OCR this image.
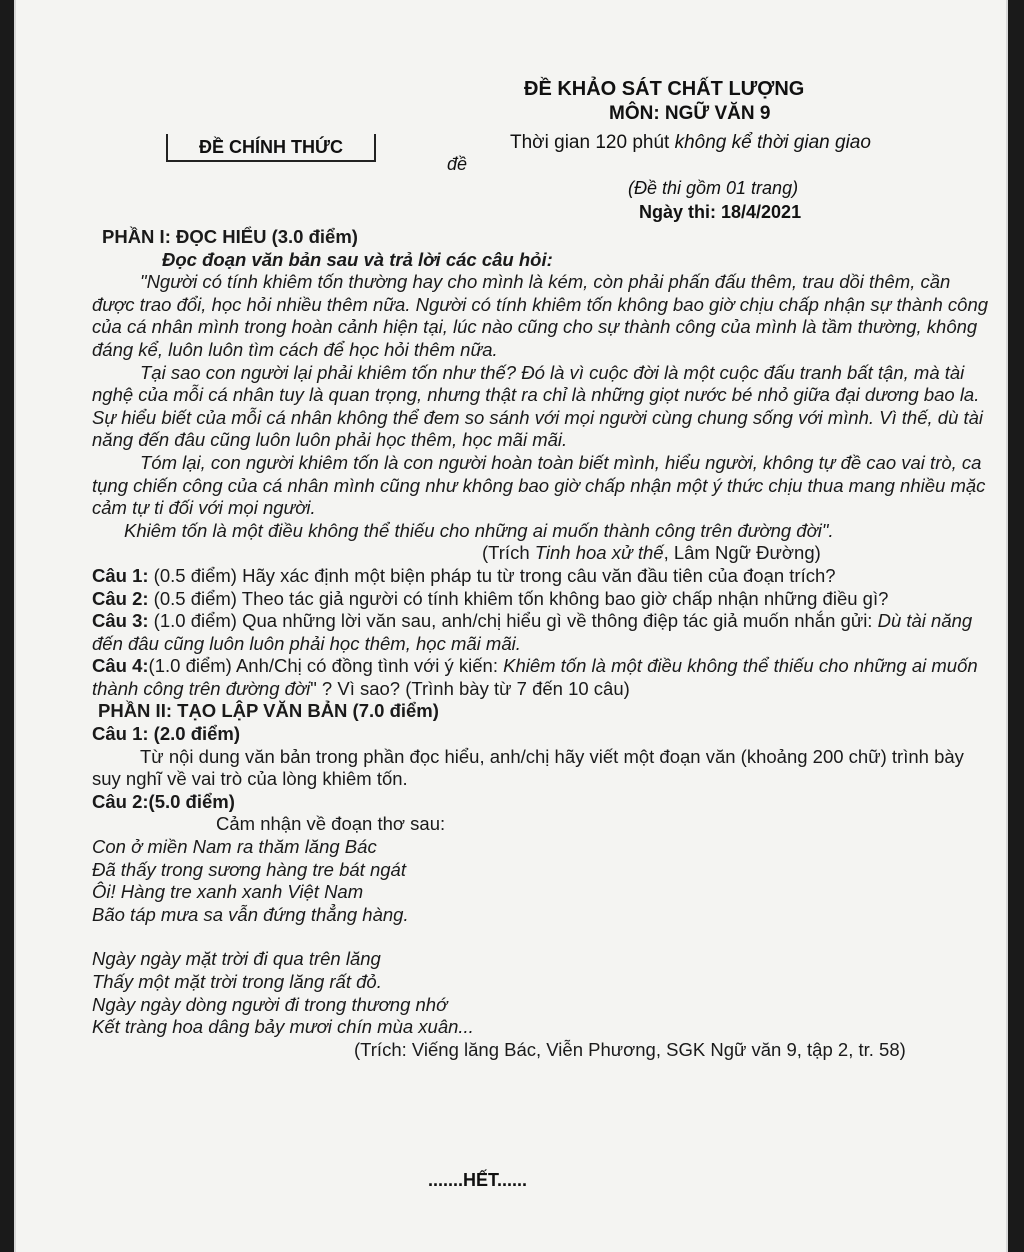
ĐỀ KHẢO SÁT CHẤT LƯỢNG
MÔN: NGỮ VĂN 9
ĐỀ CHÍNH THỨC	Thời gian 120 phút không kể thời gian giao
đề
(Đề thi gồm 01 trang)
Ngày thi: 18/4/2021

PHẦN I: ĐỌC HIỂU (3.0 điểm)

Đọc đoạn văn bản sau và trả lời các câu hỏi:

"Người có tính khiêm tốn thường hay cho mình là kém, còn phải phấn đấu thêm, trau dồi thêm, cần được trao đổi, học hỏi nhiều thêm nữa. Người có tính khiêm tốn không bao giờ chịu chấp nhận sự thành công của cá nhân mình trong hoàn cảnh hiện tại, lúc nào cũng cho sự thành công của mình là tầm thường, không đáng kể, luôn luôn tìm cách để học hỏi thêm nữa.

Tại sao con người lại phải khiêm tốn như thế? Đó là vì cuộc đời là một cuộc đấu tranh bất tận, mà tài nghệ của mỗi cá nhân tuy là quan trọng, nhưng thật ra chỉ là những giọt nước bé nhỏ giữa đại dương bao la. Sự hiểu biết của mỗi cá nhân không thể đem so sánh với mọi người cùng chung sống với mình. Vì thế, dù tài năng đến đâu cũng luôn luôn phải học thêm, học mãi mãi.

Tóm lại, con người khiêm tốn là con người hoàn toàn biết mình, hiểu người, không tự đề cao vai trò, ca tụng chiến công của cá nhân mình cũng như không bao giờ chấp nhận một ý thức chịu thua mang nhiều mặc cảm tự ti đối với mọi người.

Khiêm tốn là một điều không thể thiếu cho những ai muốn thành công trên đường đời".

(Trích Tinh hoa xử thế, Lâm Ngữ Đường)

Câu 1: (0.5 điểm) Hãy xác định một biện pháp tu từ trong câu văn đầu tiên của đoạn trích?

Câu 2: (0.5 điểm) Theo tác giả người có tính khiêm tốn không bao giờ chấp nhận những điều gì?

Câu 3: (1.0 điểm) Qua những lời văn sau, anh/chị hiểu gì về thông điệp tác giả muốn nhắn gửi: Dù tài năng đến đâu cũng luôn luôn phải học thêm, học mãi mãi.

Câu 4:(1.0 điểm) Anh/Chị có đồng tình với ý kiến: Khiêm tốn là một điều không thể thiếu cho những ai muốn thành công trên đường đời" ? Vì sao? (Trình bày từ 7 đến 10 câu)

PHẦN II: TẠO LẬP VĂN BẢN (7.0 điểm)

Câu 1: (2.0 điểm)

Từ nội dung văn bản trong phần đọc hiểu, anh/chị hãy viết một đoạn văn (khoảng 200 chữ) trình bày suy nghĩ về vai trò của lòng khiêm tốn.

Câu 2:(5.0 điểm)

Cảm nhận về đoạn thơ sau:

Con ở miền Nam ra thăm lăng Bác

Đã thấy trong sương hàng tre bát ngát

Ôi! Hàng tre xanh xanh Việt Nam

Bão táp mưa sa vẫn đứng thẳng hàng.

Ngày ngày mặt trời đi qua trên lăng

Thấy một mặt trời trong lăng rất đỏ.

Ngày ngày dòng người đi trong thương nhớ

Kết tràng hoa dâng bảy mươi chín mùa xuân...

(Trích: Viếng lăng Bác, Viễn Phương, SGK Ngữ văn 9, tập 2, tr. 58)

.......HẾT......
